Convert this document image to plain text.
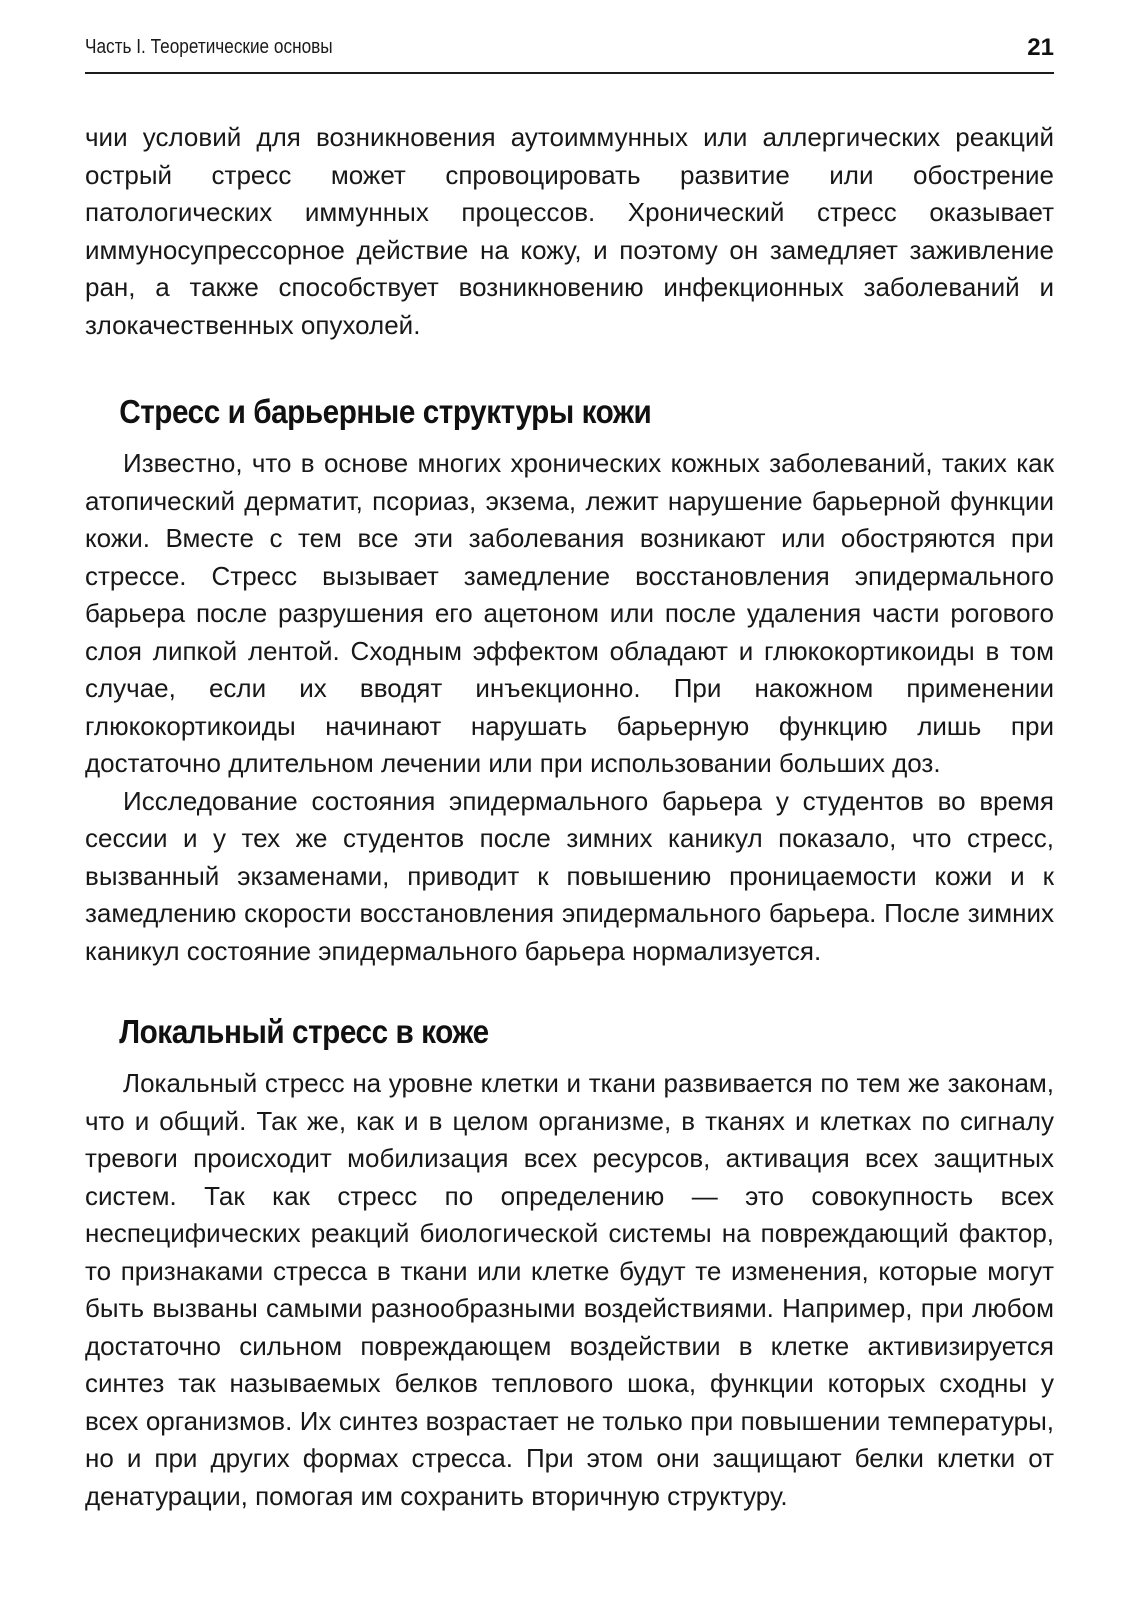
Часть I. Теоретические основы	21

чии условий для возникновения аутоиммунных или аллергических реакций острый стресс может спровоцировать развитие или обострение патологических иммунных процессов. Хронический стресс оказывает иммуносупрессорное действие на кожу, и поэтому он замедляет заживление ран, а также способствует возникновению инфекционных заболеваний и злокачественных опухолей.

Стресс и барьерные структуры кожи

Известно, что в основе многих хронических кожных заболеваний, таких как атопический дерматит, псориаз, экзема, лежит нарушение барьерной функции кожи. Вместе с тем все эти заболевания возникают или обостряются при стрессе. Стресс вызывает замедление восстановления эпидермального барьера после разрушения его ацетоном или после удаления части рогового слоя липкой лентой. Сходным эффектом обладают и глюкокортикоиды в том случае, если их вводят инъекционно. При накожном применении глюкокортикоиды начинают нарушать барьерную функцию лишь при достаточно длительном лечении или при использовании больших доз.

Исследование состояния эпидермального барьера у студентов во время сессии и у тех же студентов после зимних каникул показало, что стресс, вызванный экзаменами, приводит к повышению проницаемости кожи и к замедлению скорости восстановления эпидермального барьера. После зимних каникул состояние эпидермального барьера нормализуется.

Локальный стресс в коже

Локальный стресс на уровне клетки и ткани развивается по тем же законам, что и общий. Так же, как и в целом организме, в тканях и клетках по сигналу тревоги происходит мобилизация всех ресурсов, активация всех защитных систем. Так как стресс по определению — это совокупность всех неспецифических реакций биологической системы на повреждающий фактор, то признаками стресса в ткани или клетке будут те изменения, которые могут быть вызваны самыми разнообразными воздействиями. Например, при любом достаточно сильном повреждающем воздействии в клетке активизируется синтез так называемых белков теплового шока, функции которых сходны у всех организмов. Их синтез возрастает не только при повышении температуры, но и при других формах стресса. При этом они защищают белки клетки от денатурации, помогая им сохранить вторичную структуру.
